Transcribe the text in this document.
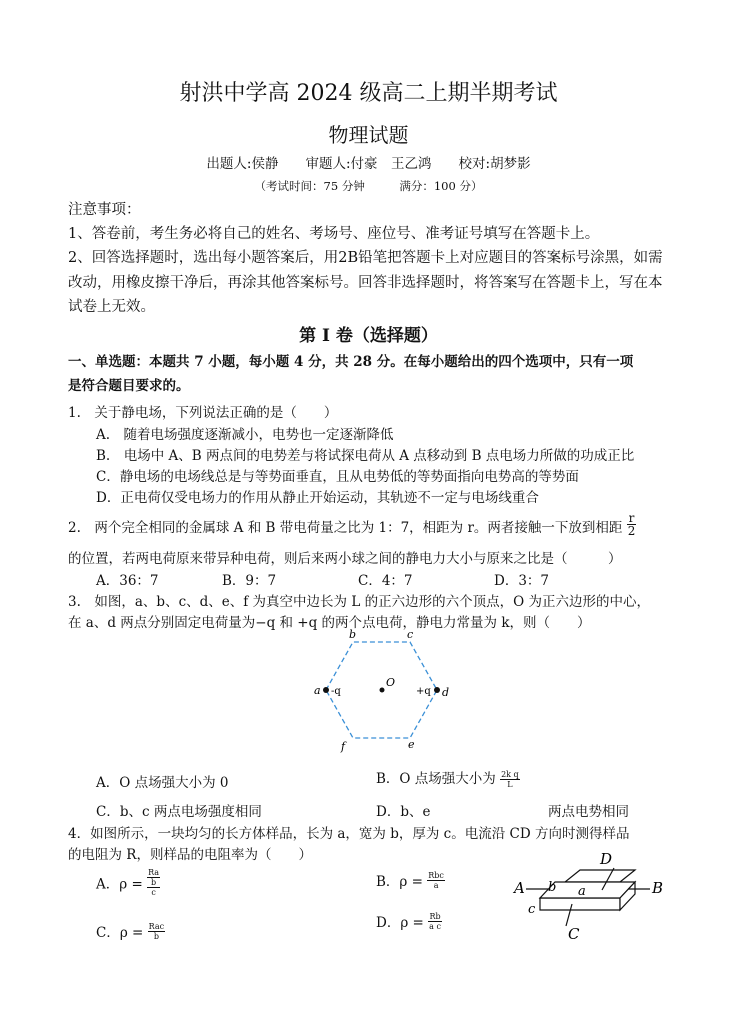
射洪中学高 2024 级高二上期半期考试
物理试题
出题人:侯静　　审题人:付豪　王乙鸿　　校对:胡梦影
（考试时间：75 分钟　　　满分：100 分）
注意事项：
1、答卷前，考生务必将自己的姓名、考场号、座位号、准考证号填写在答题卡上。
2、回答选择题时，选出每小题答案后，用2B铅笔把答题卡上对应题目的答案标号涂黑，如需
改动，用橡皮擦干净后，再涂其他答案标号。回答非选择题时，将答案写在答题卡上，写在本
试卷上无效。
第 I 卷（选择题）
一、单选题：本题共 7 小题，每小题 4 分，共 28 分。在每小题给出的四个选项中，只有一项
是符合题目要求的。
1.　关于静电场，下列说法正确的是（　　）
A.　随着电场强度逐渐减小，电势也一定逐渐降低
B.　电场中 A、B 两点间的电势差与将试探电荷从 A 点移动到 B 点电场力所做的功成正比
C．静电场的电场线总是与等势面垂直，且从电势低的等势面指向电势高的等势面
D．正电荷仅受电场力的作用从静止开始运动，其轨迹不一定与电场线重合
2.　两个完全相同的金属球 A 和 B 带电荷量之比为 1：7，相距为 r。两者接触一下放到相距 $\frac{r}{2}$
的位置，若两电荷原来带异种电荷，则后来两小球之间的静电力大小与原来之比是（　　　）
A．36：7	B．9：7	C．4：7	D．3：7
3.　如图，a、b、c、d、e、f 为真空中边长为 L 的正六边形的六个顶点，O 为正六边形的中心，
在 a、d 两点分别固定电荷量为−q 和 +q 的两个点电荷，静电力常量为 k，则（　　）
a -q
b	c
+q d
O
e
f
A．O 点场强大小为 0	B．O 点场强大小为 $\frac{\text{2k q}}{L}$
C．b、c 两点电场强度相同	D．b、e	两点电势相同
4．如图所示，一块均匀的长方体样品，长为 a，宽为 b，厚为 c。电流沿 CD 方向时测得样品
的电阻为 R，则样品的电阻率为（　　）
A．ρ =
Ra
b
c
B．$\rho = \frac{\text{Rbc}}{a}$
C．$\rho = \frac{\text{Rac}}{b}$	D．$\rho = \frac{Rb}{\text{a c}}$
A	B
D
C
b a
c
